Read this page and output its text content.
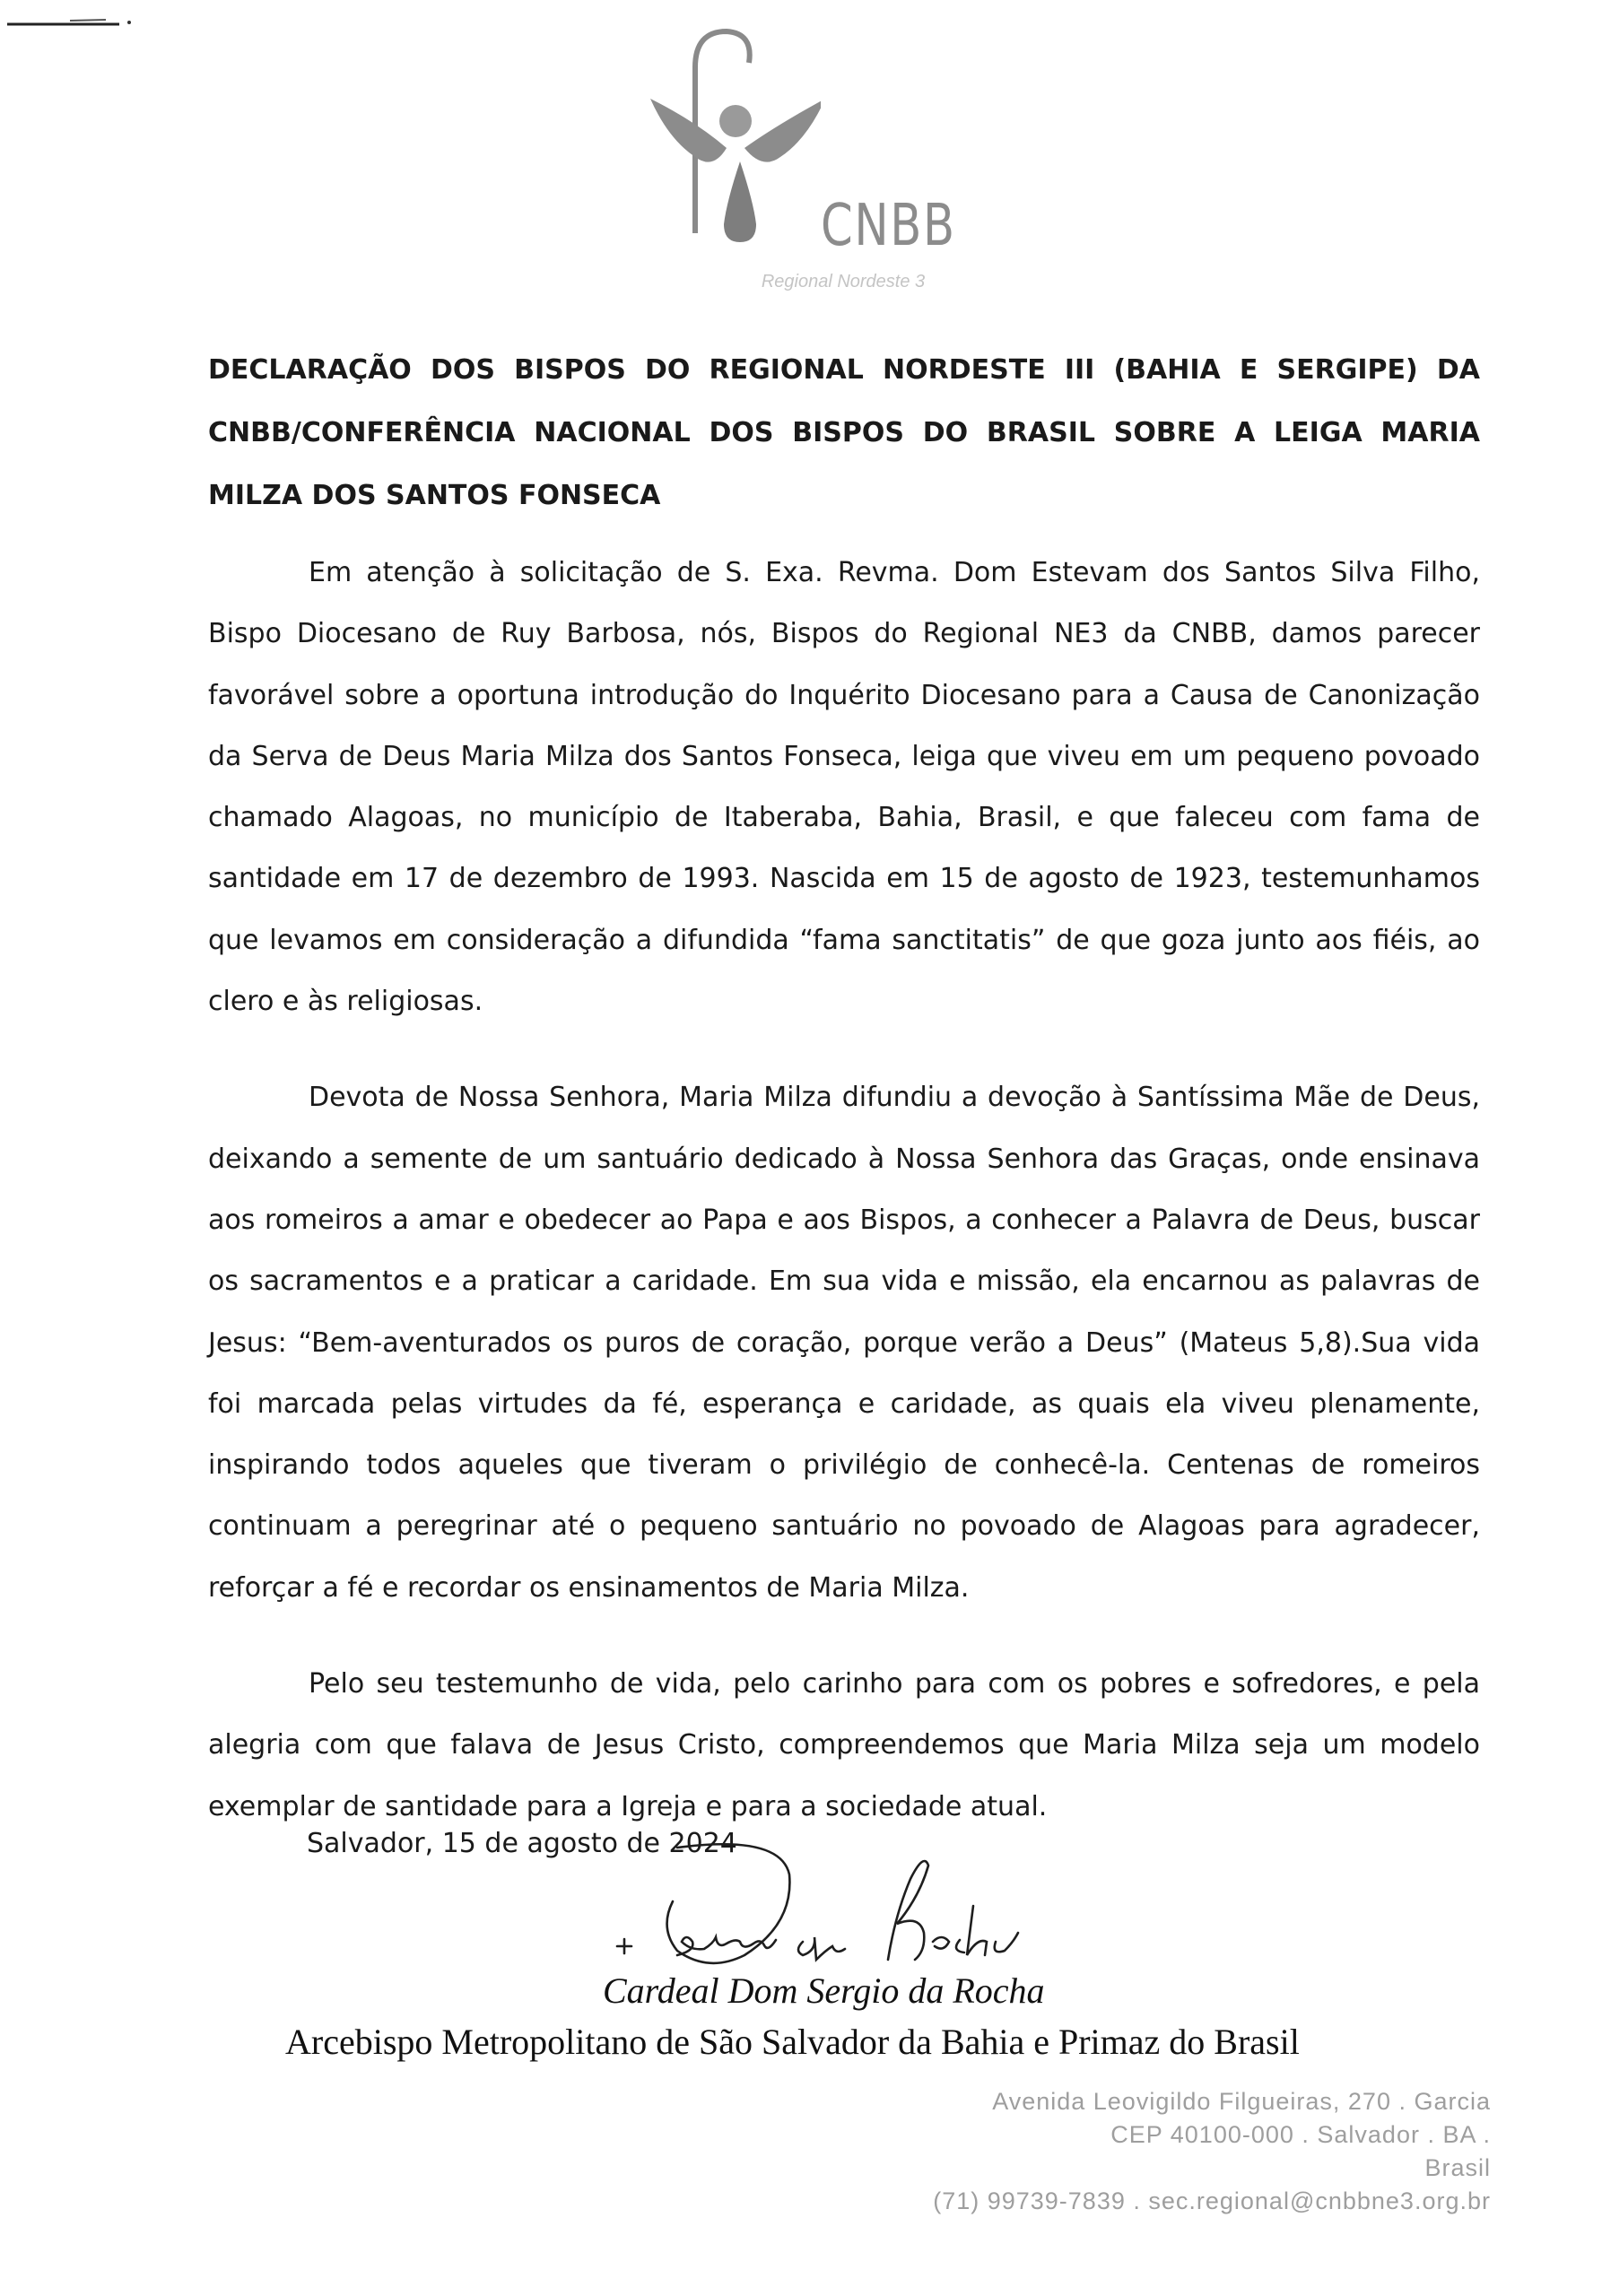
CNBB
Regional Nordeste 3
DECLARAÇÃO DOS BISPOS DO REGIONAL NORDESTE III (BAHIA E SERGIPE) DA CNBB/CONFERÊNCIA NACIONAL DOS BISPOS DO BRASIL SOBRE A LEIGA MARIA MILZA DOS SANTOS FONSECA

Em atenção à solicitação de S. Exa. Revma. Dom Estevam dos Santos Silva Filho, Bispo Diocesano de Ruy Barbosa, nós, Bispos do Regional NE3 da CNBB, damos parecer favorável sobre a oportuna introdução do Inquérito Diocesano para a Causa de Canonização da Serva de Deus Maria Milza dos Santos Fonseca, leiga que viveu em um pequeno povoado chamado Alagoas, no município de Itaberaba, Bahia, Brasil, e que faleceu com fama de santidade em 17 de dezembro de 1993. Nascida em 15 de agosto de 1923, testemunhamos que levamos em consideração a difundida “fama sanctitatis” de que goza junto aos fiéis, ao clero e às religiosas.

Devota de Nossa Senhora, Maria Milza difundiu a devoção à Santíssima Mãe de Deus, deixando a semente de um santuário dedicado à Nossa Senhora das Graças, onde ensinava aos romeiros a amar e obedecer ao Papa e aos Bispos, a conhecer a Palavra de Deus, buscar os sacramentos e a praticar a caridade. Em sua vida e missão, ela encarnou as palavras de Jesus: “Bem-aventurados os puros de coração, porque verão a Deus” (Mateus 5,8).Sua vida foi marcada pelas virtudes da fé, esperança e caridade, as quais ela viveu plenamente, inspirando todos aqueles que tiveram o privilégio de conhecê-la. Centenas de romeiros continuam a peregrinar até o pequeno santuário no povoado de Alagoas para agradecer, reforçar a fé e recordar os ensinamentos de Maria Milza.

Pelo seu testemunho de vida, pelo carinho para com os pobres e sofredores, e pela alegria com que falava de Jesus Cristo, compreendemos que Maria Milza seja um modelo exemplar de santidade para a Igreja e para a sociedade atual.

Salvador, 15 de agosto de 2024
Cardeal Dom Sergio da Rocha
Arcebispo Metropolitano de São Salvador da Bahia e Primaz do Brasil
Avenida Leovigildo Filgueiras, 270 . Garcia
CEP 40100-000 . Salvador . BA .
Brasil
(71) 99739-7839 . sec.regional@cnbbne3.org.br
